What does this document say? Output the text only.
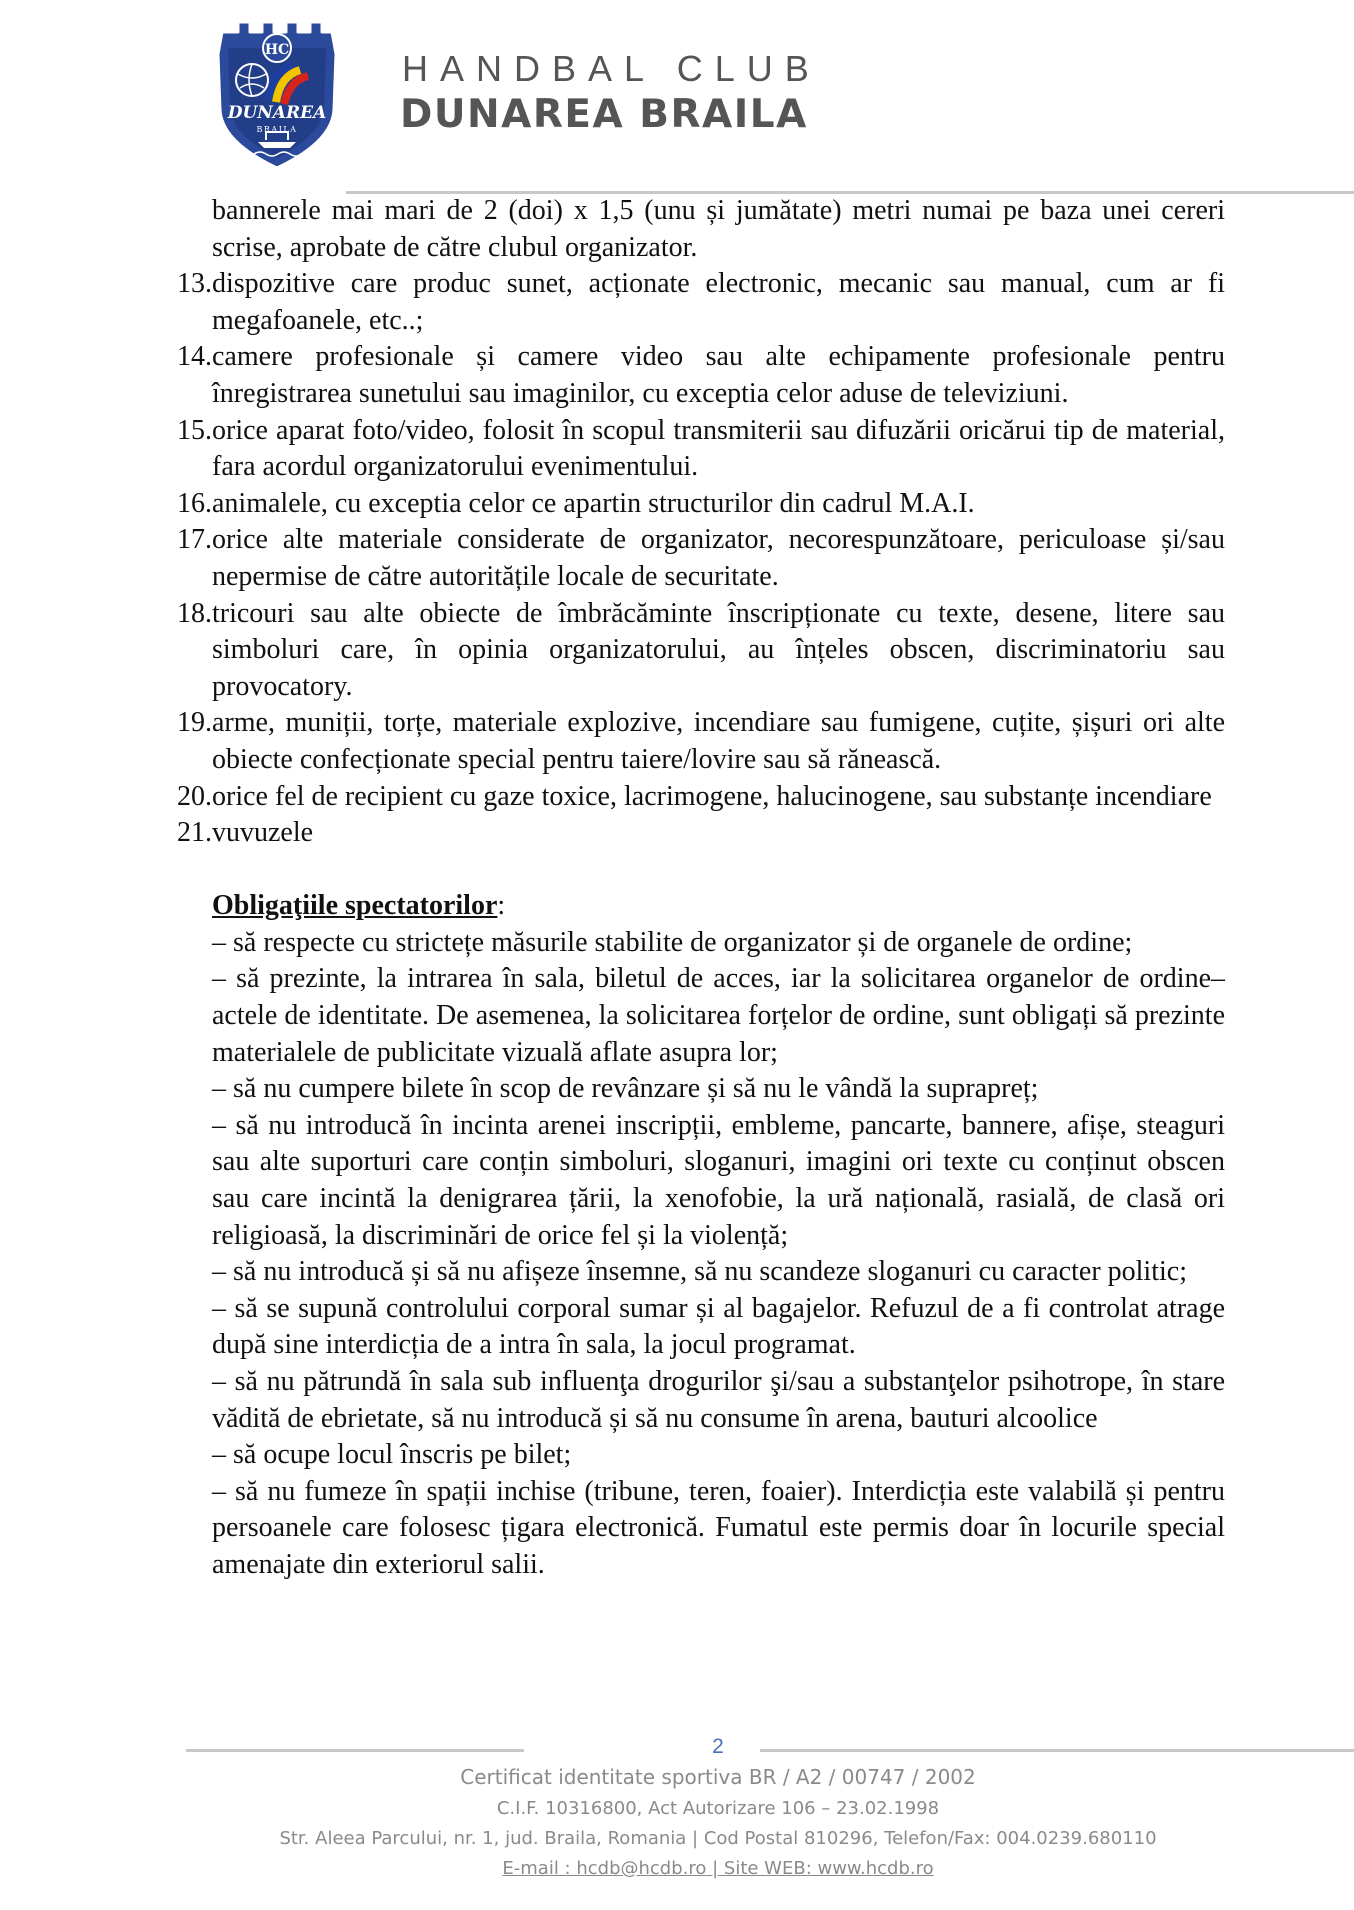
HC
DUNAREA
BRAILA
HANDBAL CLUB
DUNAREA BRAILA

bannerele mai mari de 2 (doi) x 1,5 (unu și jumătate) metri numai pe baza unei cereri scrise, aprobate de către clubul organizator.

13. dispozitive care produc sunet, acționate electronic, mecanic sau manual, cum ar fi megafoanele, etc..;

14. camere profesionale și camere video sau alte echipamente profesionale pentru înregistrarea sunetului sau imaginilor, cu exceptia celor aduse de televiziuni.

15. orice aparat foto/video, folosit în scopul transmiterii sau difuzării oricărui tip de material, fara acordul organizatorului evenimentului.

16. animalele, cu exceptia celor ce apartin structurilor din cadrul M.A.I.

17. orice alte materiale considerate de organizator, necorespunzătoare, periculoase și/sau nepermise de către autoritățile locale de securitate.

18. tricouri sau alte obiecte de îmbrăcăminte înscripționate cu texte, desene, litere sau simboluri care, în opinia organizatorului, au înțeles obscen, discriminatoriu sau provocatory.

19. arme, muniții, torțe, materiale explozive, incendiare sau fumigene, cuțite, șișuri ori alte obiecte confecționate special pentru taiere/lovire sau să rănească.

20. orice fel de recipient cu gaze toxice, lacrimogene, halucinogene, sau substanțe incendiare

21. vuvuzele

Obligaţiile spectatorilor:

– să respecte cu strictețe măsurile stabilite de organizator și de organele de ordine;

– să prezinte, la intrarea în sala, biletul de acces, iar la solicitarea organelor de ordine– actele de identitate. De asemenea, la solicitarea forțelor de ordine, sunt obligați să prezinte materialele de publicitate vizuală aflate asupra lor;

– să nu cumpere bilete în scop de revânzare și să nu le vândă la suprapreț;

– să nu introducă în incinta arenei inscripții, embleme, pancarte, bannere, afișe, steaguri sau alte suporturi care conțin simboluri, sloganuri, imagini ori texte cu conținut obscen sau care incintă la denigrarea țării, la xenofobie, la ură națională, rasială, de clasă ori religioasă, la discriminări de orice fel și la violență;

– să nu introducă și să nu afișeze însemne, să nu scandeze sloganuri cu caracter politic;

– să se supună controlului corporal sumar și al bagajelor. Refuzul de a fi controlat atrage după sine interdicția de a intra în sala, la jocul programat.

– să nu pătrundă în sala sub influenţa drogurilor şi/sau a substanţelor psihotrope, în stare vădită de ebrietate, să nu introducă și să nu consume în arena, bauturi alcoolice

– să ocupe locul înscris pe bilet;

– să nu fumeze în spații inchise (tribune, teren, foaier). Interdicția este valabilă și pentru persoanele care folosesc țigara electronică. Fumatul este permis doar în locurile special amenajate din exteriorul salii.

2
Certificat identitate sportiva BR / A2 / 00747 / 2002
C.I.F. 10316800, Act Autorizare 106 – 23.02.1998
Str. Aleea Parcului, nr. 1, jud. Braila, Romania | Cod Postal 810296, Telefon/Fax: 004.0239.680110
E-mail : hcdb@hcdb.ro | Site WEB: www.hcdb.ro
